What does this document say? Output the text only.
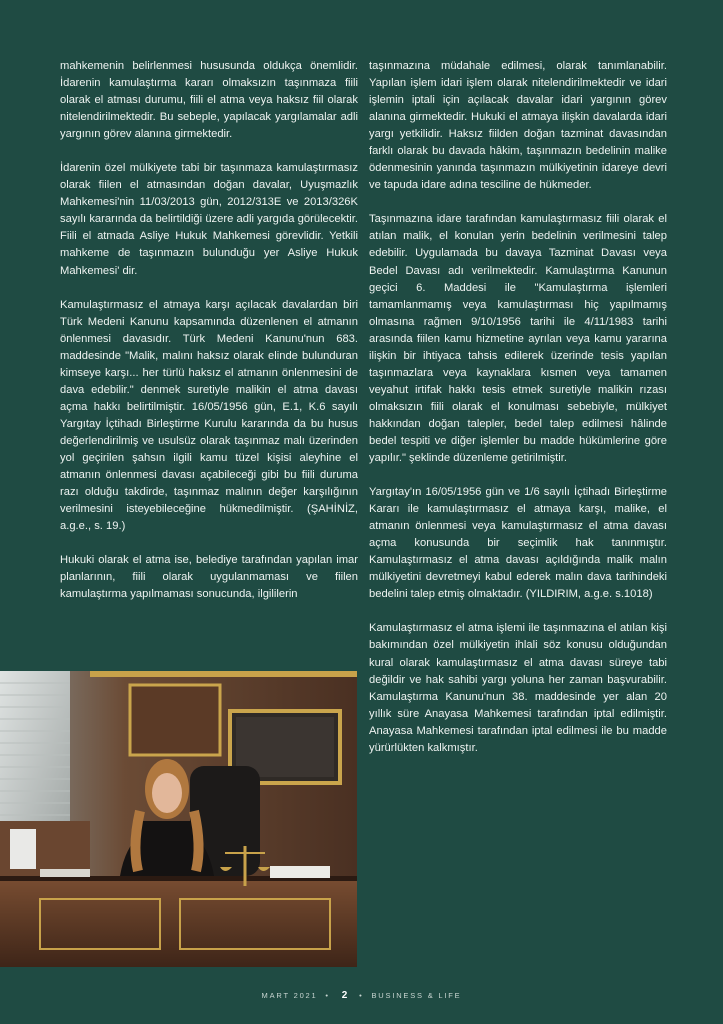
mahkemenin belirlenmesi hususunda oldukça önemlidir. İdarenin kamulaştırma kararı olmaksızın taşınmaza fiili olarak el atması durumu, fiili el atma veya haksız fiil olarak nitelendirilmektedir. Bu sebeple, yapılacak yargılamalar adli yargının görev alanına girmektedir.

İdarenin özel mülkiyete tabi bir taşınmaza kamulaştırmasız olarak fiilen el atmasından doğan davalar, Uyuşmazlık Mahkemesi'nin 11/03/2013 gün, 2012/313E ve 2013/326K sayılı kararında da belirtildiği üzere adli yargıda görülecektir. Fiili el atmada Asliye Hukuk Mahkemesi görevlidir. Yetkili mahkeme de taşınmazın bulunduğu yer Asliye Hukuk Mahkemesi' dir.

Kamulaştırmasız el atmaya karşı açılacak davalardan biri Türk Medeni Kanunu kapsamında düzenlenen el atmanın önlenmesi davasıdır. Türk Medeni Kanunu'nun 683. maddesinde "Malik, malını haksız olarak elinde bulunduran kimseye karşı... her türlü haksız el atmanın önlenmesini de dava edebilir." denmek suretiyle malikin el atma davası açma hakkı belirtilmiştir. 16/05/1956 gün, E.1, K.6 sayılı Yargıtay İçtihadı Birleştirme Kurulu kararında da bu husus değerlendirilmiş ve usulsüz olarak taşınmaz malı üzerinden yol geçirilen şahsın ilgili kamu tüzel kişisi aleyhine el atmanın önlenmesi davası açabileceği gibi bu fiili duruma razı olduğu takdirde, taşınmaz malının değer karşılığının verilmesini isteyebileceğine hükmedilmiştir. (ŞAHİNİZ, a.g.e., s. 19.)

Hukuki olarak el atma ise, belediye tarafından yapılan imar planlarının, fiili olarak uygulanmaması ve fiilen kamulaştırma yapılmaması sonucunda, ilgililerin

taşınmazına müdahale edilmesi, olarak tanımlanabilir. Yapılan işlem idari işlem olarak nitelendirilmektedir ve idari işlemin iptali için açılacak davalar idari yargının görev alanına girmektedir. Hukuki el atmaya ilişkin davalarda idari yargı yetkilidir. Haksız fiilden doğan tazminat davasından farklı olarak bu davada hâkim, taşınmazın bedelinin malike ödenmesinin yanında taşınmazın mülkiyetinin idareye devri ve tapuda idare adına tesciline de hükmeder.

Taşınmazına idare tarafından kamulaştırmasız fiili olarak el atılan malik, el konulan yerin bedelinin verilmesini talep edebilir. Uygulamada bu davaya Tazminat Davası veya Bedel Davası adı verilmektedir. Kamulaştırma Kanunun geçici 6. Maddesi ile "Kamulaştırma işlemleri tamamlanmamış veya kamulaştırması hiç yapılmamış olmasına rağmen 9/10/1956 tarihi ile 4/11/1983 tarihi arasında fiilen kamu hizmetine ayrılan veya kamu yararına ilişkin bir ihtiyaca tahsis edilerek üzerinde tesis yapılan taşınmazlara veya kaynaklara kısmen veya tamamen veyahut irtifak hakkı tesis etmek suretiyle malikin rızası olmaksızın fiili olarak el konulması sebebiyle, mülkiyet hakkından doğan talepler, bedel talep edilmesi hâlinde bedel tespiti ve diğer işlemler bu madde hükümlerine göre yapılır." şeklinde düzenleme getirilmiştir.

Yargıtay'ın 16/05/1956 gün ve 1/6 sayılı İçtihadı Birleştirme Kararı ile kamulaştırmasız el atmaya karşı, malike, el atmanın önlenmesi veya kamulaştırmasız el atma davası açma konusunda bir seçimlik hak tanınmıştır. Kamulaştırmasız el atma davası açıldığında malik malın mülkiyetini devretmeyi kabul ederek malın dava tarihindeki bedelini talep etmiş olmaktadır. (YILDIRIM, a.g.e. s.1018)

Kamulaştırmasız el atma işlemi ile taşınmazına el atılan kişi bakımından özel mülkiyetin ihlali söz konusu olduğundan kural olarak kamulaştırmasız el atma davası süreye tabi değildir ve hak sahibi yargı yoluna her zaman başvurabilir. Kamulaştırma Kanunu'nun 38. maddesinde yer alan 20 yıllık süre Anayasa Mahkemesi tarafından iptal edilmiştir. Anayasa Mahkemesi tarafından iptal edilmesi ile bu madde yürürlükten kalkmıştır.

MART 2021 • 2 • BUSINESS & LIFE
